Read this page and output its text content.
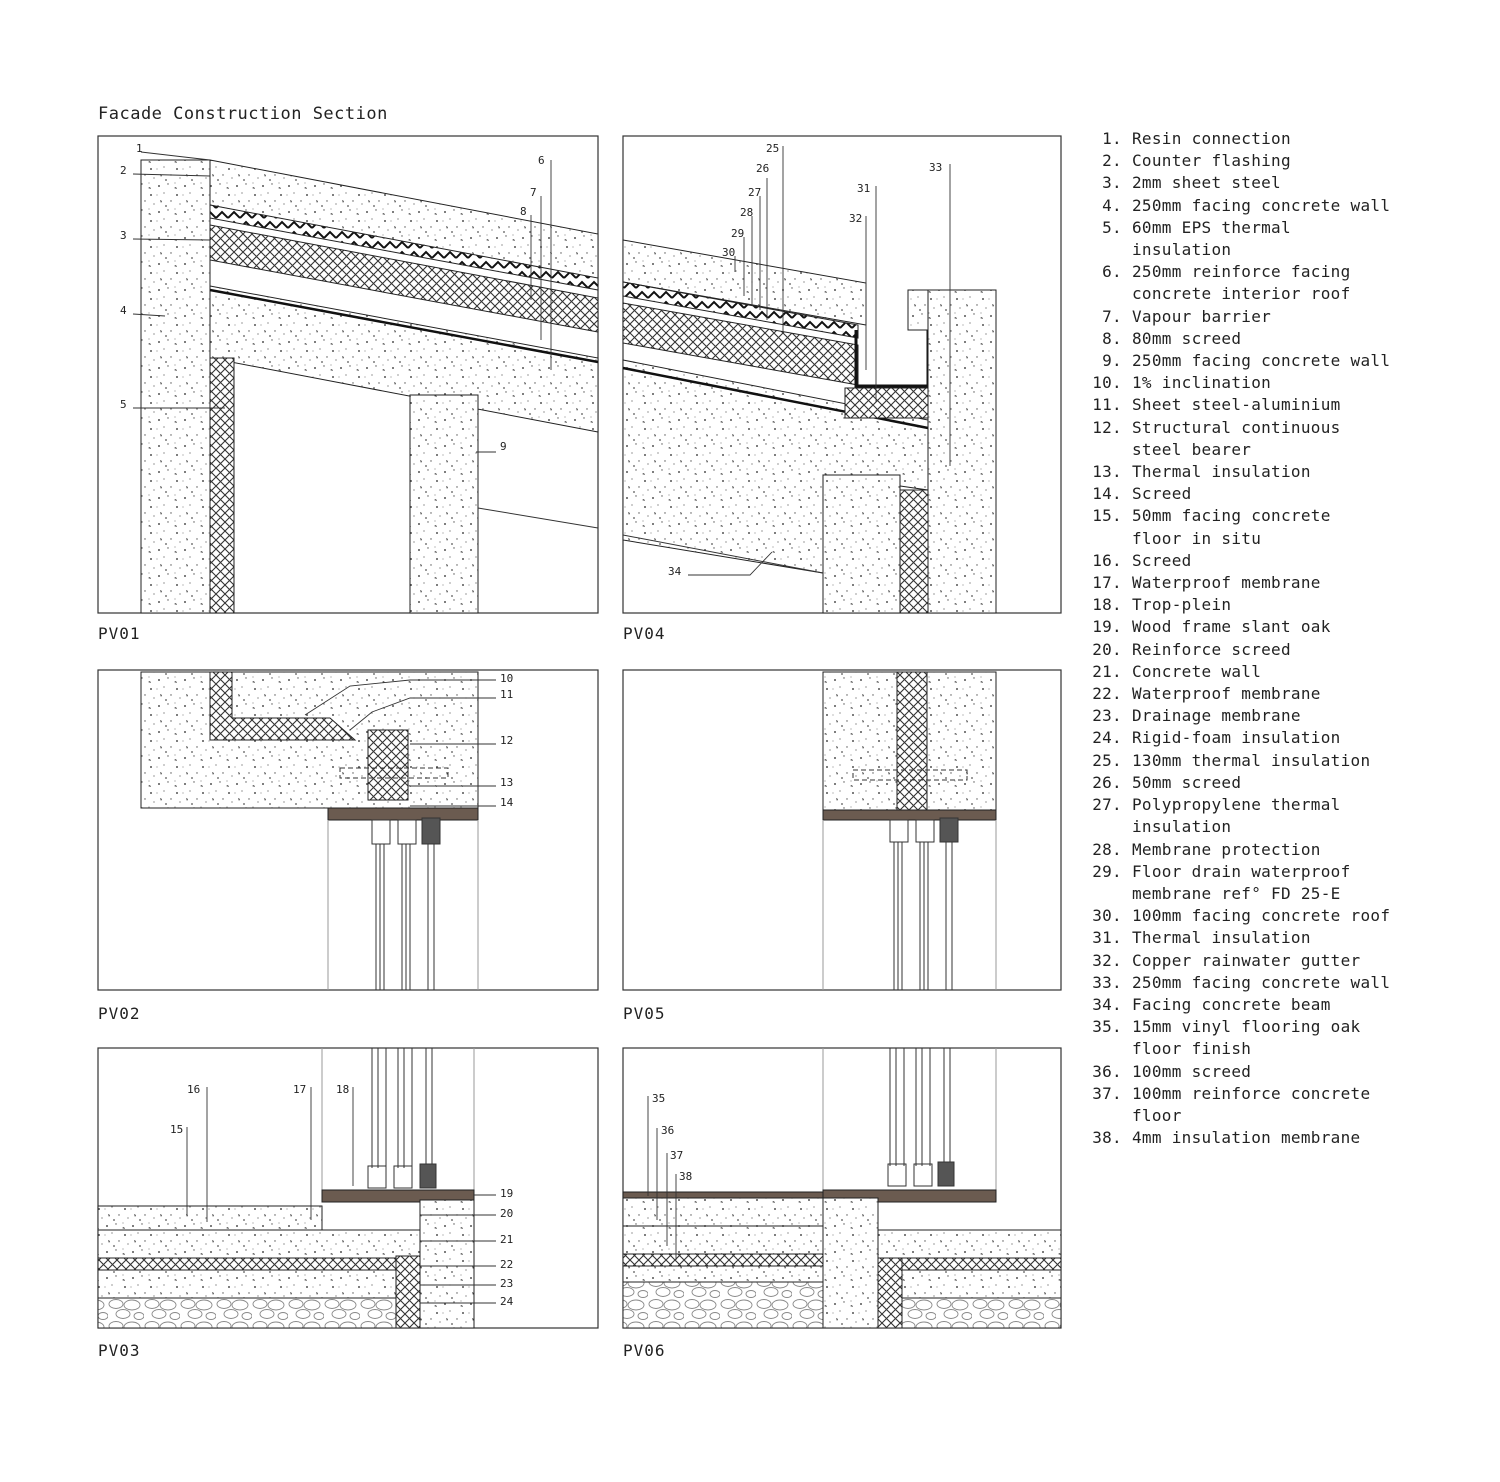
Facade Construction Section
1
2
3
4
5
6
7
8
9
25
26
27
28
29
30
31
32
33
34
10
11
12
13
14
15
16	17	18
19
20
21
22
23
24
35
36
37
38
PV01	PV04
PV02	PV05
PV03	PV06
1. Resin connection
2. Counter flashing
3. 2mm sheet steel
4. 250mm facing concrete wall
5. 60mm EPS thermal
insulation
6. 250mm reinforce facing
concrete interior roof
7. Vapour barrier
8. 80mm screed
9. 250mm facing concrete wall
10. 1% inclination
11. Sheet steel-aluminium
12. Structural continuous
steel bearer
13. Thermal insulation
14. Screed
15. 50mm facing concrete
floor in situ
16. Screed
17. Waterproof membrane
18. Trop-plein
19. Wood frame slant oak
20. Reinforce screed
21. Concrete wall
22. Waterproof membrane
23. Drainage membrane
24. Rigid-foam insulation
25. 130mm thermal insulation
26. 50mm screed
27. Polypropylene thermal
insulation
28. Membrane protection
29. Floor drain waterproof
membrane ref° FD 25-E
30. 100mm facing concrete roof
31. Thermal insulation
32. Copper rainwater gutter
33. 250mm facing concrete wall
34. Facing concrete beam
35. 15mm vinyl flooring oak
floor finish
36. 100mm screed
37. 100mm reinforce concrete
floor
38. 4mm insulation membrane
